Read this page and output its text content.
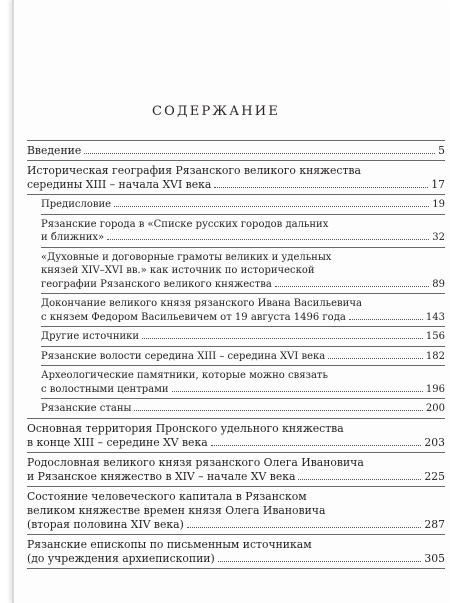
СОДЕРЖАНИЕ
Введение	5
Историческая география Рязанского великого княжества
середины XIII – начала XVI века	17
Предисловие	19
Рязанские города в «Списке русских городов дальних
и ближних»	32
«Духовные и договорные грамоты великих и удельных
князей XIV–XVI вв.» как источник по исторической
географии Рязанского великого княжества	89
Докончание великого князя рязанского Ивана Васильевича
с князем Федором Васильевичем от 19 августа 1496 года	143
Другие источники	156
Рязанские волости середина XIII – середина XVI века	182
Археологические памятники, которые можно связать
с волостными центрами	196
Рязанские станы	200
Основная территория Пронского удельного княжества
в конце XIII – середине XV века	203
Родословная великого князя рязанского Олега Ивановича
и Рязанское княжество в XIV – начале XV века	225
Состояние человеческого капитала в Рязанском
великом княжестве времен князя Олега Ивановича
(вторая половина XIV века)	287
Рязанские епископы по письменным источникам
(до учреждения архиепископии)	305
